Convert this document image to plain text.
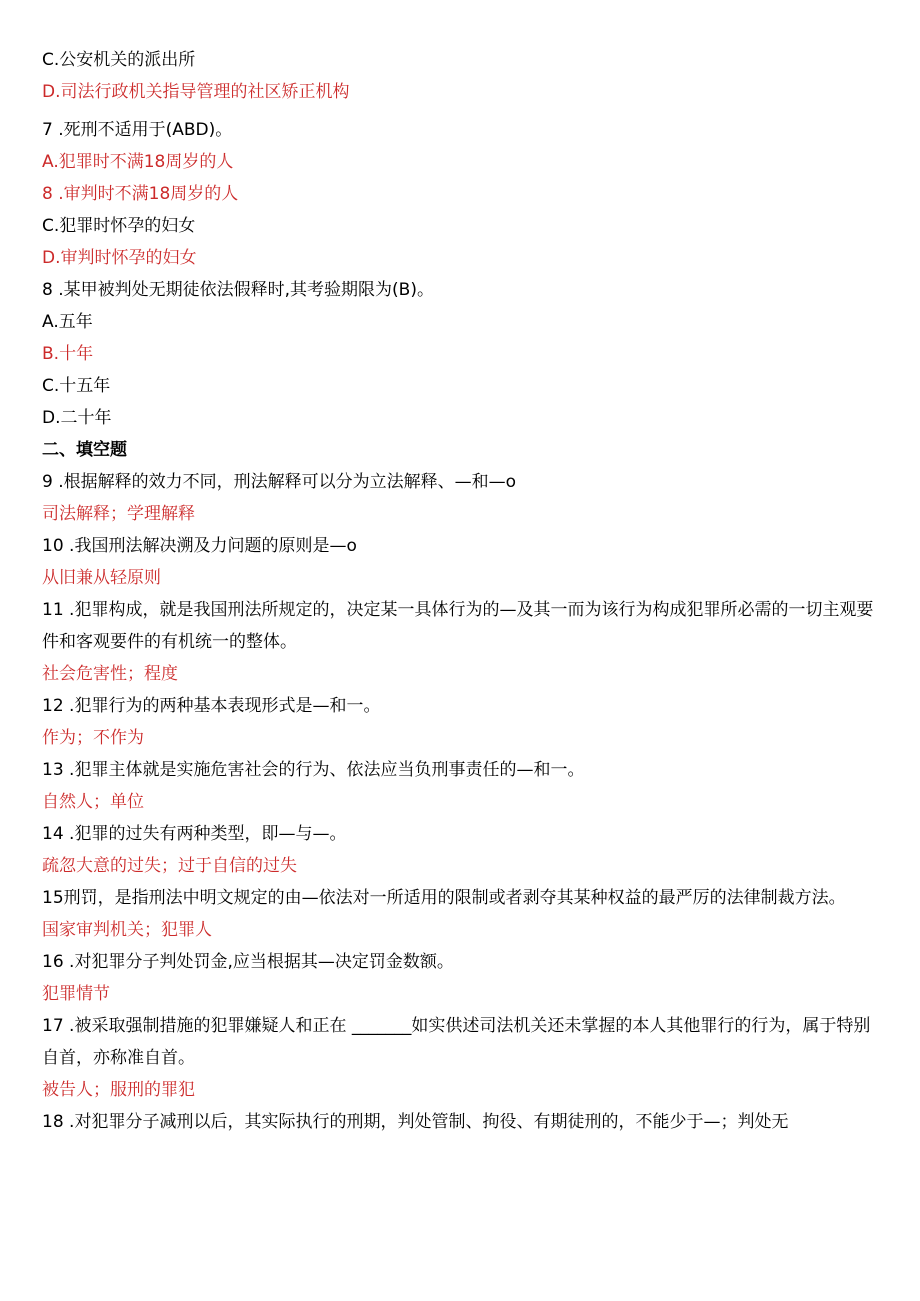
C.公安机关的派出所
D.司法行政机关指导管理的社区矫正机构
7 .死刑不适用于(ABD)。
A.犯罪时不满18周岁的人
8 .审判时不满18周岁的人
C.犯罪时怀孕的妇女
D.审判时怀孕的妇女
8 .某甲被判处无期徒依法假释时,其考验期限为(B)。
A.五年
B.十年
C.十五年
D.二十年
二、填空题
9 .根据解释的效力不同，刑法解释可以分为立法解释、—和—o
司法解释；学理解释
10 .我国刑法解决溯及力问题的原则是—o
从旧兼从轻原则
11 .犯罪构成，就是我国刑法所规定的，决定某一具体行为的—及其一而为该行为构成犯罪所必需的一切主观要件和客观要件的有机统一的整体。
社会危害性；程度
12 .犯罪行为的两种基本表现形式是—和一。
作为；不作为
13 .犯罪主体就是实施危害社会的行为、依法应当负刑事责任的—和一。
自然人；单位
14 .犯罪的过失有两种类型，即—与—。
疏忽大意的过失；过于自信的过失
15刑罚，是指刑法中明文规定的由—依法对一所适用的限制或者剥夺其某种权益的最严厉的法律制裁方法。
国家审判机关；犯罪人
16 .对犯罪分子判处罚金,应当根据其—决定罚金数额。
犯罪情节
17 .被采取强制措施的犯罪嫌疑人和正在 _______如实供述司法机关还未掌握的本人其他罪行的行为，属于特别自首，亦称准自首。
被告人；服刑的罪犯
18 .对犯罪分子减刑以后，其实际执行的刑期，判处管制、拘役、有期徒刑的，不能少于—；判处无
